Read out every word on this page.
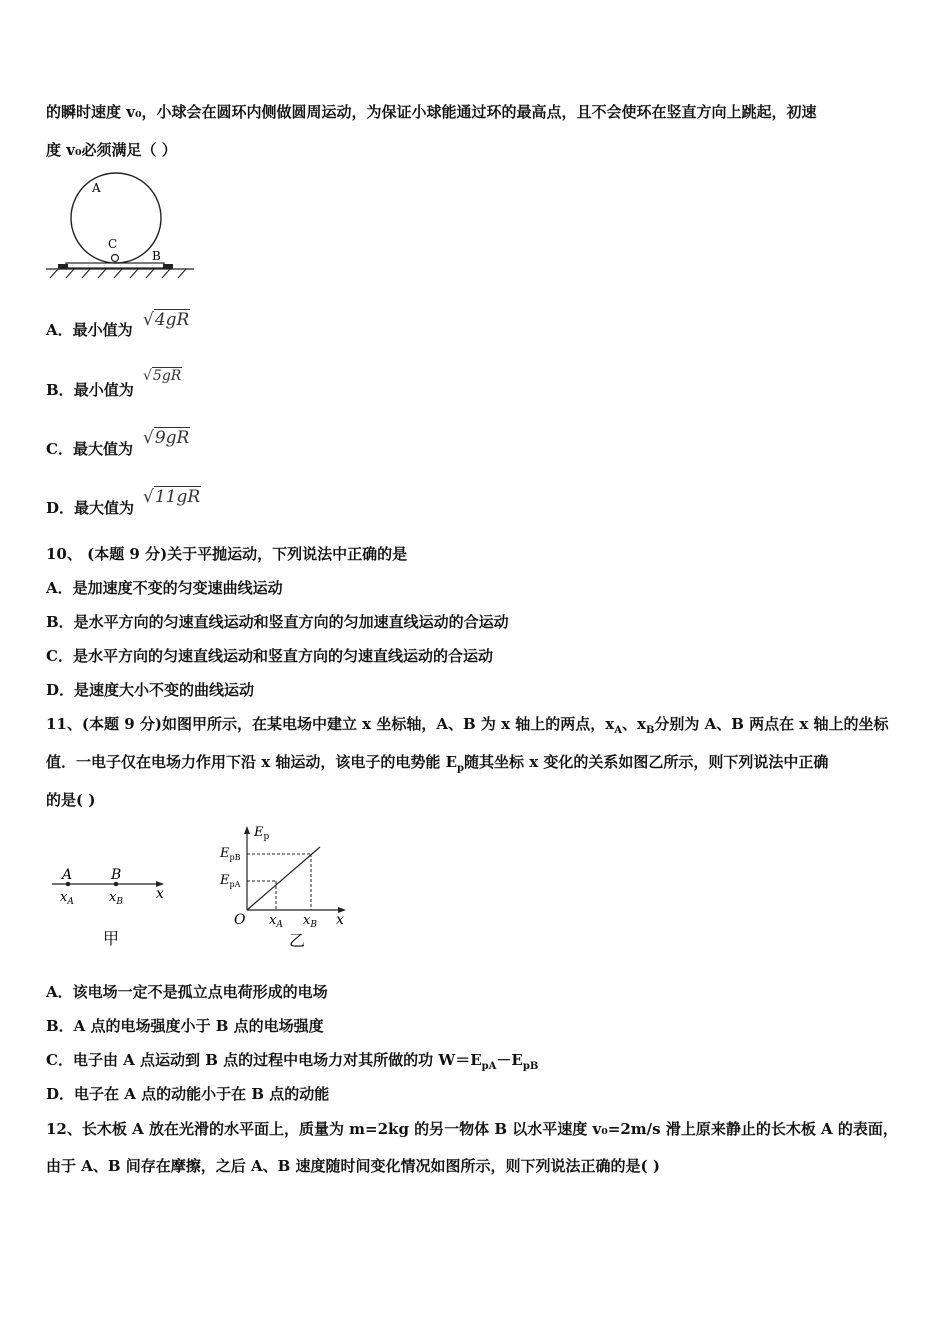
的瞬时速度 v₀，小球会在圆环内侧做圆周运动，为保证小球能通过环的最高点，且不会使环在竖直方向上跳起，初速
度 v₀必须满足（ ）
A
C
B
A．最小值为 √4gR
B．最小值为
√5gR
C．最大值为
√9gR
D．最大值为
√11gR
10、 (本题 9 分)关于平抛运动，下列说法中正确的是
A．是加速度不变的匀变速曲线运动
B．是水平方向的匀速直线运动和竖直方向的匀加速直线运动的合运动
C．是水平方向的匀速直线运动和竖直方向的匀速直线运动的合运动
D．是速度大小不变的曲线运动
11、(本题 9 分)如图甲所示，在某电场中建立 x 坐标轴，A、B 为 x 轴上的两点，$x_A$、$x_B$分别为 A、B 两点在 x 轴上的坐标
值．一电子仅在电场力作用下沿 x 轴运动，该电子的电势能 $E_p$随其坐标 x 变化的关系如图乙所示，则下列说法中正确
的是( )
A	B
$x_A$	$x_B$ x
甲
$E_p$
$E_{pB}$
$E_{pA}$
O $x_A$ $x_B$ x
乙
A．该电场一定不是孤立点电荷形成的电场
B．A 点的电场强度小于 B 点的电场强度
C．电子由 A 点运动到 B 点的过程中电场力对其所做的功 $W=E_{pA}-E_{pB}$
D．电子在 A 点的动能小于在 B 点的动能
12、长木板 A 放在光滑的水平面上，质量为 m=2kg 的另一物体 B 以水平速度 v₀=2m/s 滑上原来静止的长木板 A 的表面，
由于 A、B 间存在摩擦，之后 A、B 速度随时间变化情况如图所示，则下列说法正确的是( )
